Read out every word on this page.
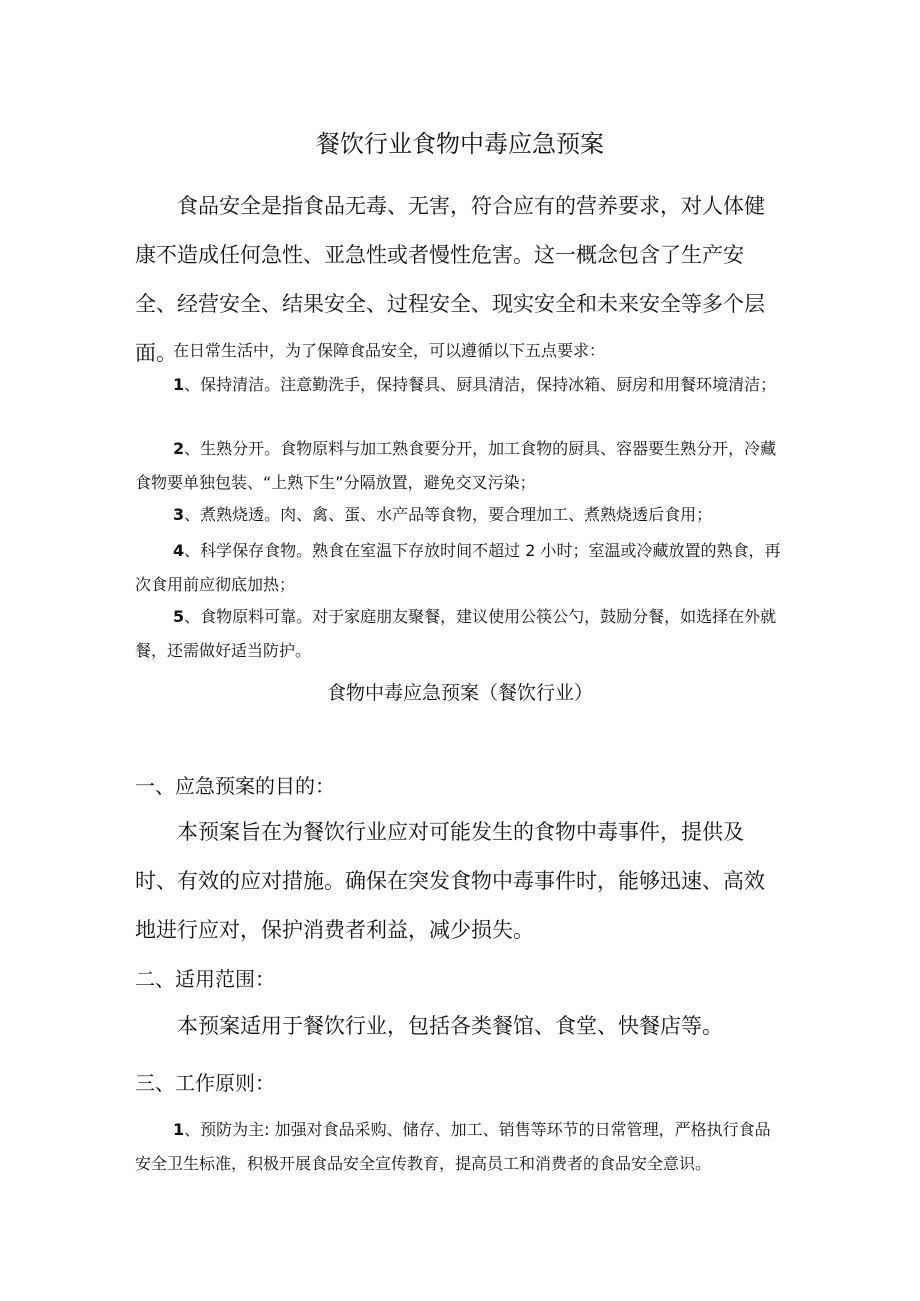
餐饮行业食物中毒应急预案

食品安全是指食品无毒、无害，符合应有的营养要求，对人体健康不造成任何急性、亚急性或者慢性危害。这一概念包含了生产安全、经营安全、结果安全、过程安全、现实安全和未来安全等多个层面。

在日常生活中，为了保障食品安全，可以遵循以下五点要求：

1、保持清洁。注意勤洗手，保持餐具、厨具清洁，保持冰箱、厨房和用餐环境清洁；

2、生熟分开。食物原料与加工熟食要分开，加工食物的厨具、容器要生熟分开，冷藏食物要单独包装、“上熟下生”分隔放置，避免交叉污染；

3、煮熟烧透。肉、禽、蛋、水产品等食物，要合理加工、煮熟烧透后食用；

4、科学保存食物。熟食在室温下存放时间不超过 2 小时；室温或冷藏放置的熟食，再次食用前应彻底加热；

5、食物原料可靠。对于家庭朋友聚餐，建议使用公筷公勺，鼓励分餐，如选择在外就餐，还需做好适当防护。

食物中毒应急预案（餐饮行业）

一、应急预案的目的：

本预案旨在为餐饮行业应对可能发生的食物中毒事件，提供及时、有效的应对措施。确保在突发食物中毒事件时，能够迅速、高效地进行应对，保护消费者利益，减少损失。

二、适用范围：

本预案适用于餐饮行业，包括各类餐馆、食堂、快餐店等。

三、工作原则：

1、预防为主: 加强对食品采购、储存、加工、销售等环节的日常管理，严格执行食品安全卫生标准，积极开展食品安全宣传教育，提高员工和消费者的食品安全意识。
